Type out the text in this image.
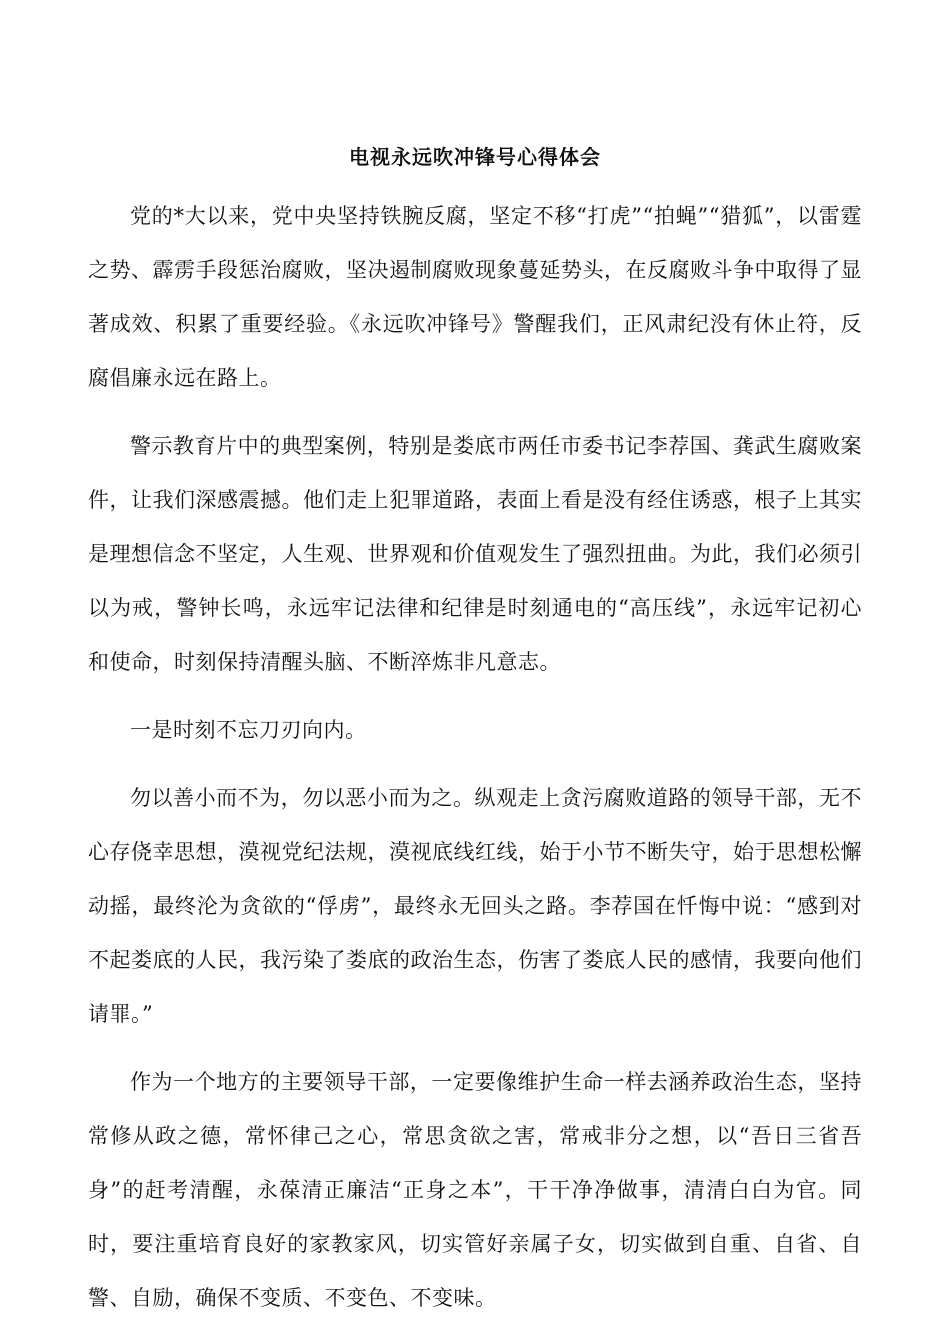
电视永远吹冲锋号心得体会

党的*大以来，党中央坚持铁腕反腐，坚定不移“打虎”“拍蝇”“猎狐”，以雷霆之势、霹雳手段惩治腐败，坚决遏制腐败现象蔓延势头，在反腐败斗争中取得了显著成效、积累了重要经验。《永远吹冲锋号》警醒我们，正风肃纪没有休止符，反腐倡廉永远在路上。

警示教育片中的典型案例，特别是娄底市两任市委书记李荐国、龚武生腐败案件，让我们深感震撼。他们走上犯罪道路，表面上看是没有经住诱惑，根子上其实是理想信念不坚定，人生观、世界观和价值观发生了强烈扭曲。为此，我们必须引以为戒，警钟长鸣，永远牢记法律和纪律是时刻通电的“高压线”，永远牢记初心和使命，时刻保持清醒头脑、不断淬炼非凡意志。

一是时刻不忘刀刃向内。

勿以善小而不为，勿以恶小而为之。纵观走上贪污腐败道路的领导干部，无不心存侥幸思想，漠视党纪法规，漠视底线红线，始于小节不断失守，始于思想松懈动摇，最终沦为贪欲的“俘虏”，最终永无回头之路。李荐国在忏悔中说：“感到对不起娄底的人民，我污染了娄底的政治生态，伤害了娄底人民的感情，我要向他们请罪。”

作为一个地方的主要领导干部，一定要像维护生命一样去涵养政治生态，坚持常修从政之德，常怀律己之心，常思贪欲之害，常戒非分之想，以“吾日三省吾身”的赶考清醒，永葆清正廉洁“正身之本”，干干净净做事，清清白白为官。同时，要注重培育良好的家教家风，切实管好亲属子女，切实做到自重、自省、自警、自励，确保不变质、不变色、不变味。
